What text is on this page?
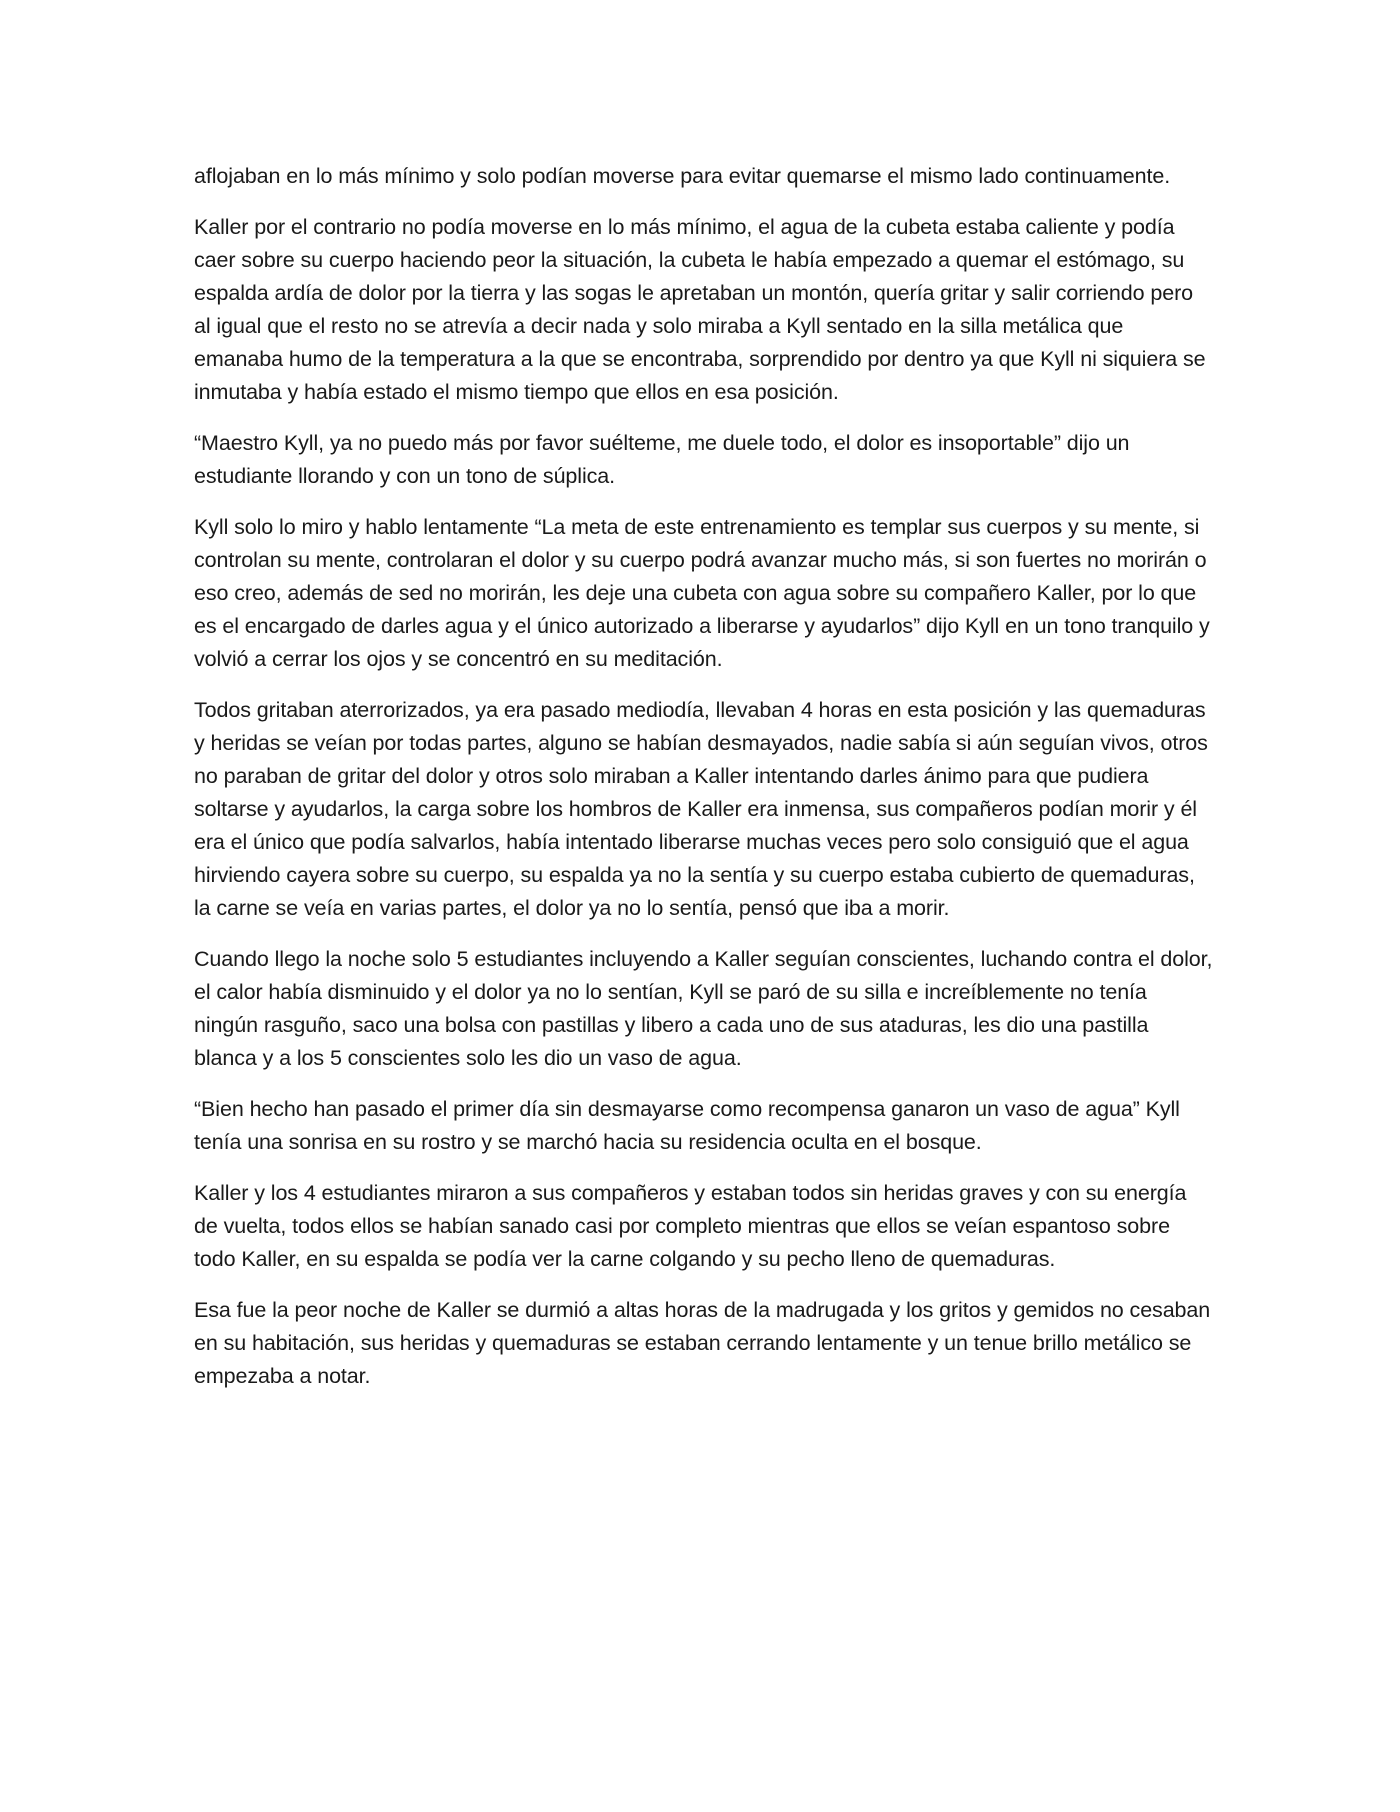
aflojaban en lo más mínimo y solo podían moverse para evitar quemarse el mismo lado continuamente.

Kaller por el contrario no podía moverse en lo más mínimo, el agua de la cubeta estaba caliente y podía caer sobre su cuerpo haciendo peor la situación, la cubeta le había empezado a quemar el estómago, su espalda ardía de dolor por la tierra y las sogas le apretaban un montón, quería gritar y salir corriendo pero al igual que el resto no se atrevía a decir nada y solo miraba a Kyll sentado en la silla metálica que emanaba humo de la temperatura a la que se encontraba, sorprendido por dentro ya que Kyll ni siquiera se inmutaba y había estado el mismo tiempo que ellos en esa posición.

“Maestro Kyll, ya no puedo más por favor suélteme, me duele todo, el dolor es insoportable” dijo un estudiante llorando y con un tono de súplica.

Kyll solo lo miro y hablo lentamente “La meta de este entrenamiento es templar sus cuerpos y su mente, si controlan su mente, controlaran el dolor y su cuerpo podrá avanzar mucho más, si son fuertes no morirán o eso creo, además de sed no morirán, les deje una cubeta con agua sobre su compañero Kaller, por lo que es el encargado de darles agua y el único autorizado a liberarse y ayudarlos” dijo Kyll en un tono tranquilo y volvió a cerrar los ojos y se concentró en su meditación.

Todos gritaban aterrorizados, ya era pasado mediodía, llevaban 4 horas en esta posición y las quemaduras y heridas se veían por todas partes, alguno se habían desmayados, nadie sabía si aún seguían vivos, otros no paraban de gritar del dolor y otros solo miraban a Kaller intentando darles ánimo para que pudiera soltarse y ayudarlos, la carga sobre los hombros de Kaller era inmensa, sus compañeros podían morir y él era el único que podía salvarlos, había intentado liberarse muchas veces pero solo consiguió que el agua hirviendo cayera sobre su cuerpo, su espalda ya no la sentía y su cuerpo estaba cubierto de quemaduras, la carne se veía en varias partes, el dolor ya no lo sentía, pensó que iba a morir.

Cuando llego la noche solo 5 estudiantes incluyendo a Kaller seguían conscientes, luchando contra el dolor, el calor había disminuido y el dolor ya no lo sentían, Kyll se paró de su silla e increíblemente no tenía ningún rasguño, saco una bolsa con pastillas y libero a cada uno de sus ataduras, les dio una pastilla blanca y a los 5 conscientes solo les dio un vaso de agua.

“Bien hecho han pasado el primer día sin desmayarse como recompensa ganaron un vaso de agua” Kyll tenía una sonrisa en su rostro y se marchó hacia su residencia oculta en el bosque.

Kaller y los 4 estudiantes miraron a sus compañeros y estaban todos sin heridas graves y con su energía de vuelta, todos ellos se habían sanado casi por completo mientras que ellos se veían espantoso sobre todo Kaller, en su espalda se podía ver la carne colgando y su pecho lleno de quemaduras.

Esa fue la peor noche de Kaller se durmió a altas horas de la madrugada y los gritos y gemidos no cesaban en su habitación, sus heridas y quemaduras se estaban cerrando lentamente y un tenue brillo metálico se empezaba a notar.
